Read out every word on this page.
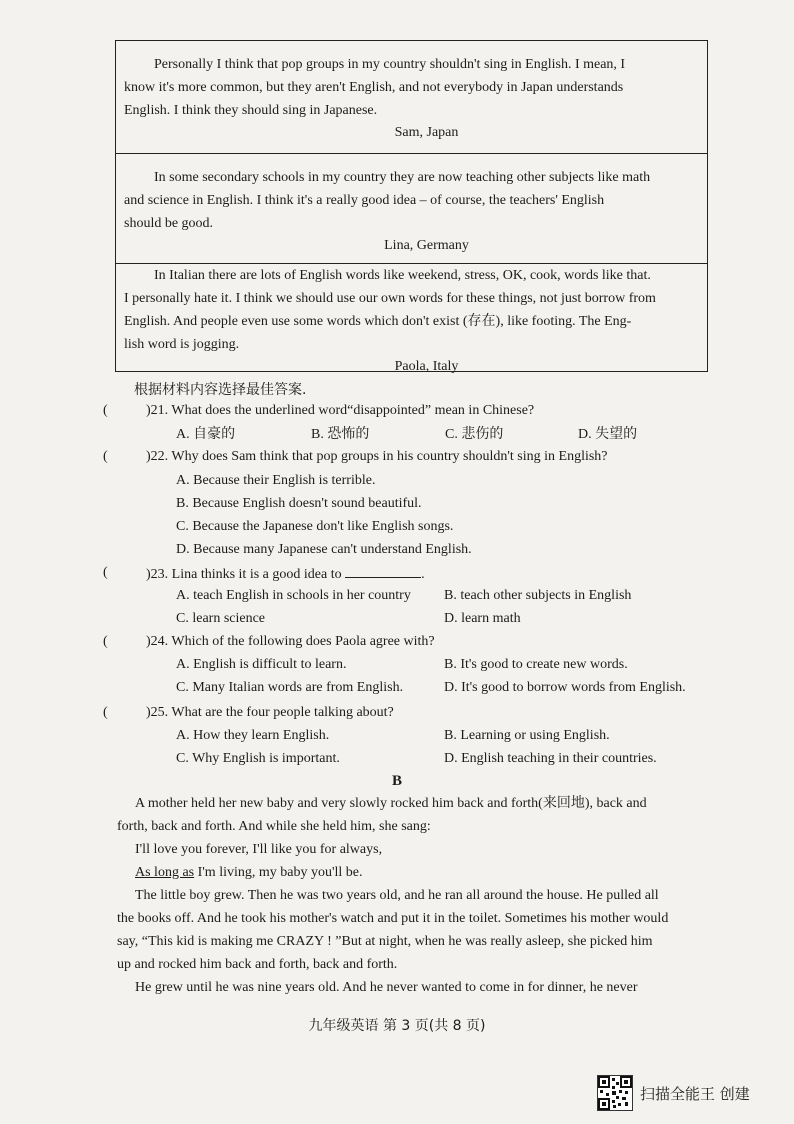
Personally I think that pop groups in my country shouldn't sing in English. I mean, I

know it's more common, but they aren't English, and not everybody in Japan understands

English. I think they should sing in Japanese.

Sam, Japan

In some secondary schools in my country they are now teaching other subjects like math

and science in English. I think it's a really good idea – of course, the teachers' English

should be good.

Lina, Germany

In Italian there are lots of English words like weekend, stress, OK, cook, words like that.

I personally hate it. I think we should use our own words for these things, not just borrow from

English. And people even use some words which don't exist (存在), like footing. The Eng-

lish word is jogging.

Paola, Italy

根据材料内容选择最佳答案.
(	)21. What does the underlined word“disappointed” mean in Chinese?
A. 自豪的	B. 恐怖的	C. 悲伤的	D. 失望的
(	)22. Why does Sam think that pop groups in his country shouldn't sing in English?
A. Because their English is terrible.
B. Because English doesn't sound beautiful.
C. Because the Japanese don't like English songs.
D. Because many Japanese can't understand English.
(	)23. Lina thinks it is a good idea to	.
A. teach English in schools in her country B. teach other subjects in English
C. learn science	D. learn math
(	)24. Which of the following does Paola agree with?
A. English is difficult to learn.	B. It's good to create new words.
C. Many Italian words are from English.	D. It's good to borrow words from English.
(	)25. What are the four people talking about?
A. How they learn English.	B. Learning or using English.
C. Why English is important.	D. English teaching in their countries.
B
A mother held her new baby and very slowly rocked him back and forth(来回地), back and
forth, back and forth. And while she held him, she sang:
I'll love you forever, I'll like you for always,
As long as I'm living, my baby you'll be.
The little boy grew. Then he was two years old, and he ran all around the house. He pulled all
the books off. And he took his mother's watch and put it in the toilet. Sometimes his mother would
say, “This kid is making me CRAZY ! ”But at night, when he was really asleep, she picked him
up and rocked him back and forth, back and forth.
He grew until he was nine years old. And he never wanted to come in for dinner, he never
九年级英语 第 3 页(共 8 页)
扫描全能王 创建
